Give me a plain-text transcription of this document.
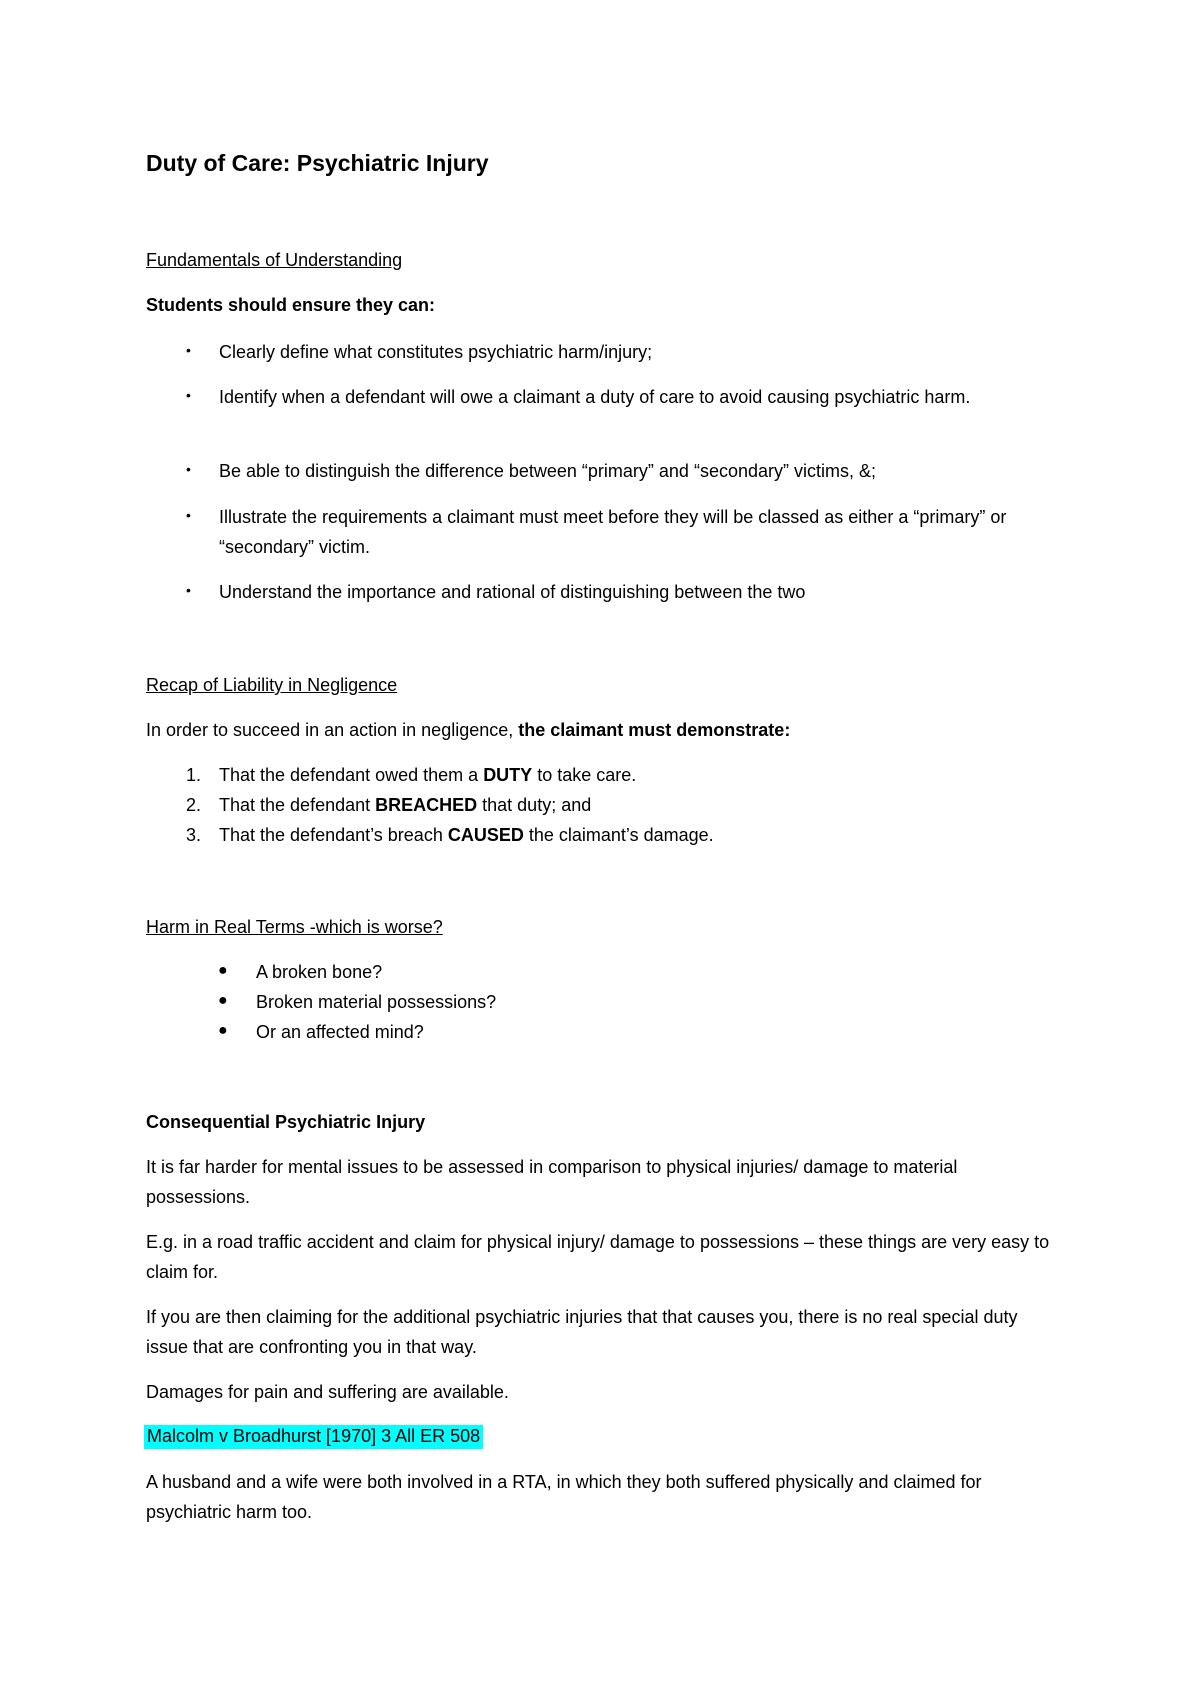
Duty of Care: Psychiatric Injury
Fundamentals of Understanding
Students should ensure they can:
• Clearly define what constitutes psychiatric harm/injury;
• Identify when a defendant will owe a claimant a duty of care to avoid causing psychiatric harm.
• Be able to distinguish the difference between “primary” and “secondary” victims, &;
• Illustrate the requirements a claimant must meet before they will be classed as either a “primary” or “secondary” victim.
• Understand the importance and rational of distinguishing between the two
Recap of Liability in Negligence
In order to succeed in an action in negligence, the claimant must demonstrate:
1. That the defendant owed them a DUTY to take care.
2. That the defendant BREACHED that duty; and
3. That the defendant’s breach CAUSED the claimant’s damage.
Harm in Real Terms -which is worse?
● A broken bone?
● Broken material possessions?
● Or an affected mind?
Consequential Psychiatric Injury
It is far harder for mental issues to be assessed in comparison to physical injuries/ damage to material possessions.
E.g. in a road traffic accident and claim for physical injury/ damage to possessions – these things are very easy to claim for.
If you are then claiming for the additional psychiatric injuries that that causes you, there is no real special duty issue that are confronting you in that way.
Damages for pain and suffering are available.
Malcolm v Broadhurst [1970] 3 All ER 508
A husband and a wife were both involved in a RTA, in which they both suffered physically and claimed for psychiatric harm too.
